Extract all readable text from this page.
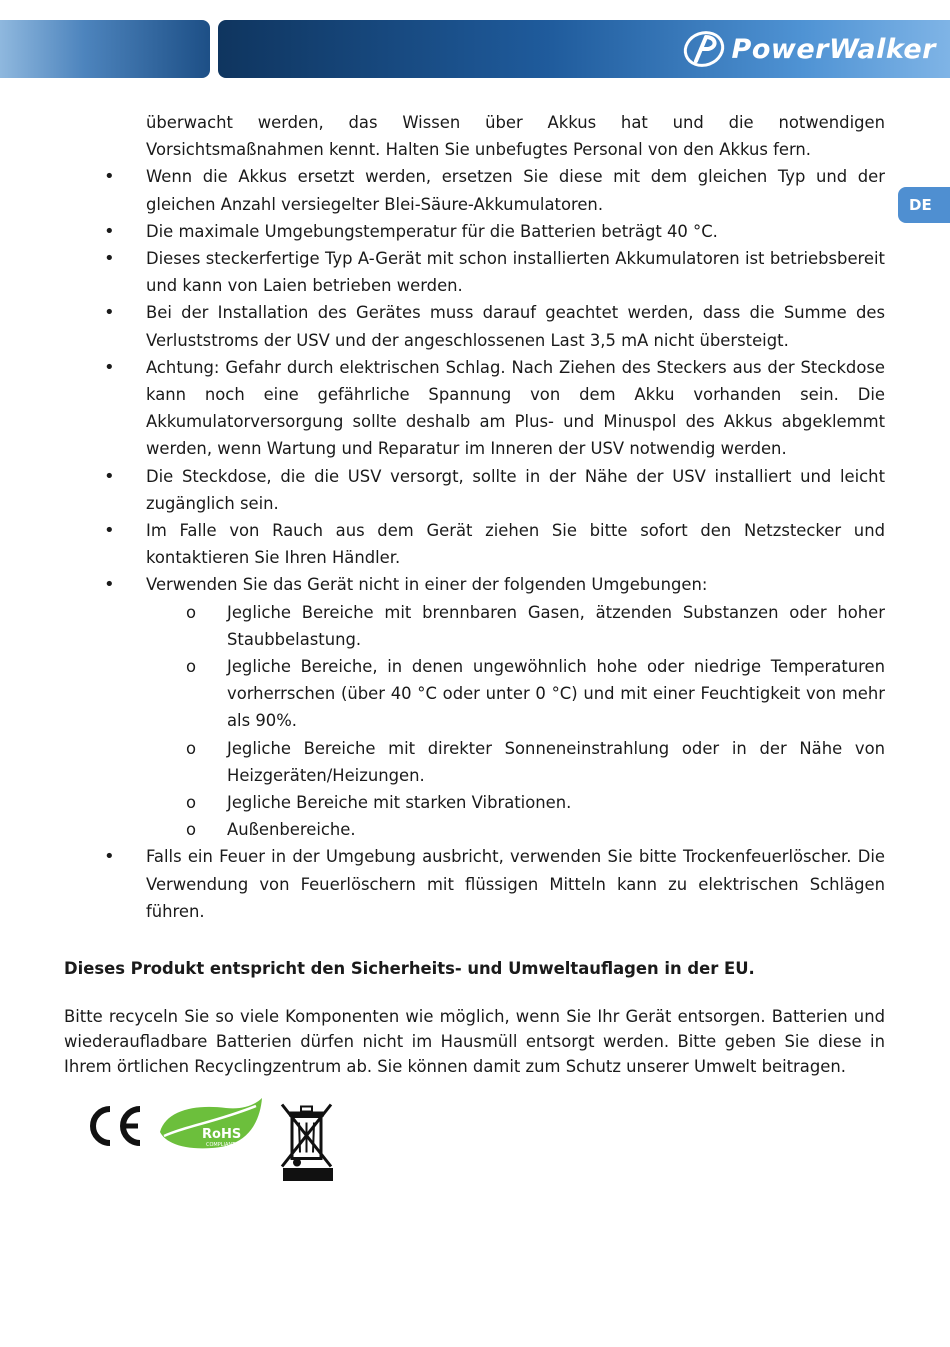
PowerWalker
DE
überwacht werden, das Wissen über Akkus hat und die notwendigen Vorsichtsmaßnahmen kennt. Halten Sie unbefugtes Personal von den Akkus fern.
• Wenn die Akkus ersetzt werden, ersetzen Sie diese mit dem gleichen Typ und der gleichen Anzahl versiegelter Blei-Säure-Akkumulatoren.
• Die maximale Umgebungstemperatur für die Batterien beträgt 40 °C.
• Dieses steckerfertige Typ A-Gerät mit schon installierten Akkumulatoren ist betriebsbereit und kann von Laien betrieben werden.
• Bei der Installation des Gerätes muss darauf geachtet werden, dass die Summe des Verluststroms der USV und der angeschlossenen Last 3,5 mA nicht übersteigt.
• Achtung: Gefahr durch elektrischen Schlag. Nach Ziehen des Steckers aus der Steckdose kann noch eine gefährliche Spannung von dem Akku vorhanden sein. Die Akkumulatorversorgung sollte deshalb am Plus- und Minuspol des Akkus abgeklemmt werden, wenn Wartung und Reparatur im Inneren der USV notwendig werden.
• Die Steckdose, die die USV versorgt, sollte in der Nähe der USV installiert und leicht zugänglich sein.
• Im Falle von Rauch aus dem Gerät ziehen Sie bitte sofort den Netzstecker und kontaktieren Sie Ihren Händler.
• Verwenden Sie das Gerät nicht in einer der folgenden Umgebungen:
o Jegliche Bereiche mit brennbaren Gasen, ätzenden Substanzen oder hoher Staubbelastung.
o Jegliche Bereiche, in denen ungewöhnlich hohe oder niedrige Temperaturen vorherrschen (über 40 °C oder unter 0 °C) und mit einer Feuchtigkeit von mehr als 90%.
o Jegliche Bereiche mit direkter Sonneneinstrahlung oder in der Nähe von Heizgeräten/Heizungen.
o Jegliche Bereiche mit starken Vibrationen.
o Außenbereiche.
• Falls ein Feuer in der Umgebung ausbricht, verwenden Sie bitte Trockenfeuerlöscher. Die Verwendung von Feuerlöschern mit flüssigen Mitteln kann zu elektrischen Schlägen führen.
Dieses Produkt entspricht den Sicherheits- und Umweltauflagen in der EU.
Bitte recyceln Sie so viele Komponenten wie möglich, wenn Sie Ihr Gerät entsorgen. Batterien und wiederaufladbare Batterien dürfen nicht im Hausmüll entsorgt werden. Bitte geben Sie diese in Ihrem örtlichen Recyclingzentrum ab. Sie können damit zum Schutz unserer Umwelt beitragen.
RoHS
COMPLIANT
